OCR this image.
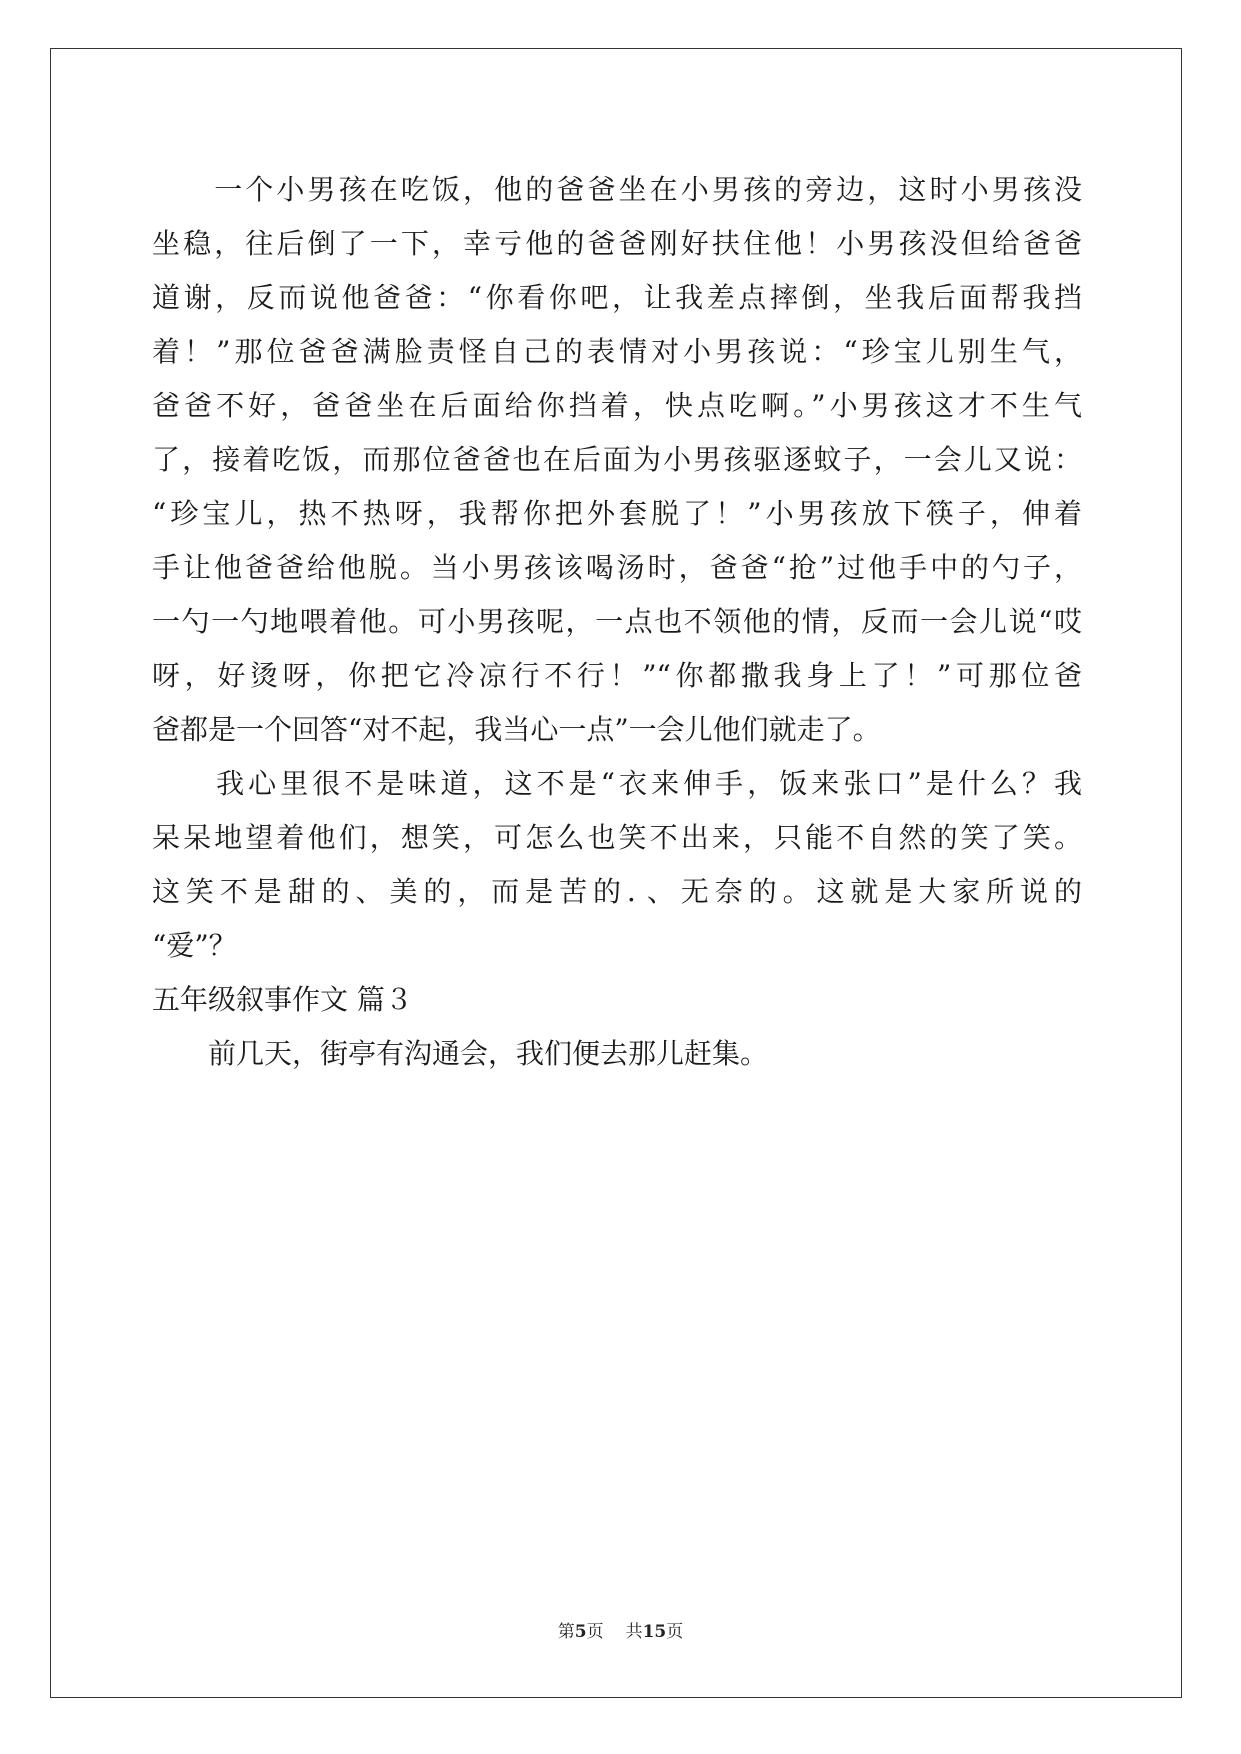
　　一个小男孩在吃饭，他的爸爸坐在小男孩的旁边，这时小男孩没
坐稳，往后倒了一下，幸亏他的爸爸刚好扶住他！小男孩没但给爸爸
道谢，反而说他爸爸：“你看你吧，让我差点摔倒，坐我后面帮我挡
着！”那位爸爸满脸责怪自己的表情对小男孩说：“珍宝儿别生气，
爸爸不好，爸爸坐在后面给你挡着，快点吃啊。”小男孩这才不生气
了，接着吃饭，而那位爸爸也在后面为小男孩驱逐蚊子，一会儿又说：
“珍宝儿，热不热呀，我帮你把外套脱了！”小男孩放下筷子，伸着
手让他爸爸给他脱。当小男孩该喝汤时，爸爸“抢”过他手中的勺子，
一勺一勺地喂着他。可小男孩呢，一点也不领他的情，反而一会儿说“哎
呀，好烫呀，你把它冷凉行不行！”“你都撒我身上了！”可那位爸
爸都是一个回答“对不起，我当心一点”一会儿他们就走了。
　　我心里很不是味道，这不是“衣来伸手，饭来张口”是什么？我
呆呆地望着他们，想笑，可怎么也笑不出来，只能不自然的笑了笑。
这笑不是甜的、美的，而是苦的．、无奈的。这就是大家所说的
“爱”？
五年级叙事作文 篇３
　　前几天，街亭有沟通会，我们便去那儿赶集。
第5页 共15页
